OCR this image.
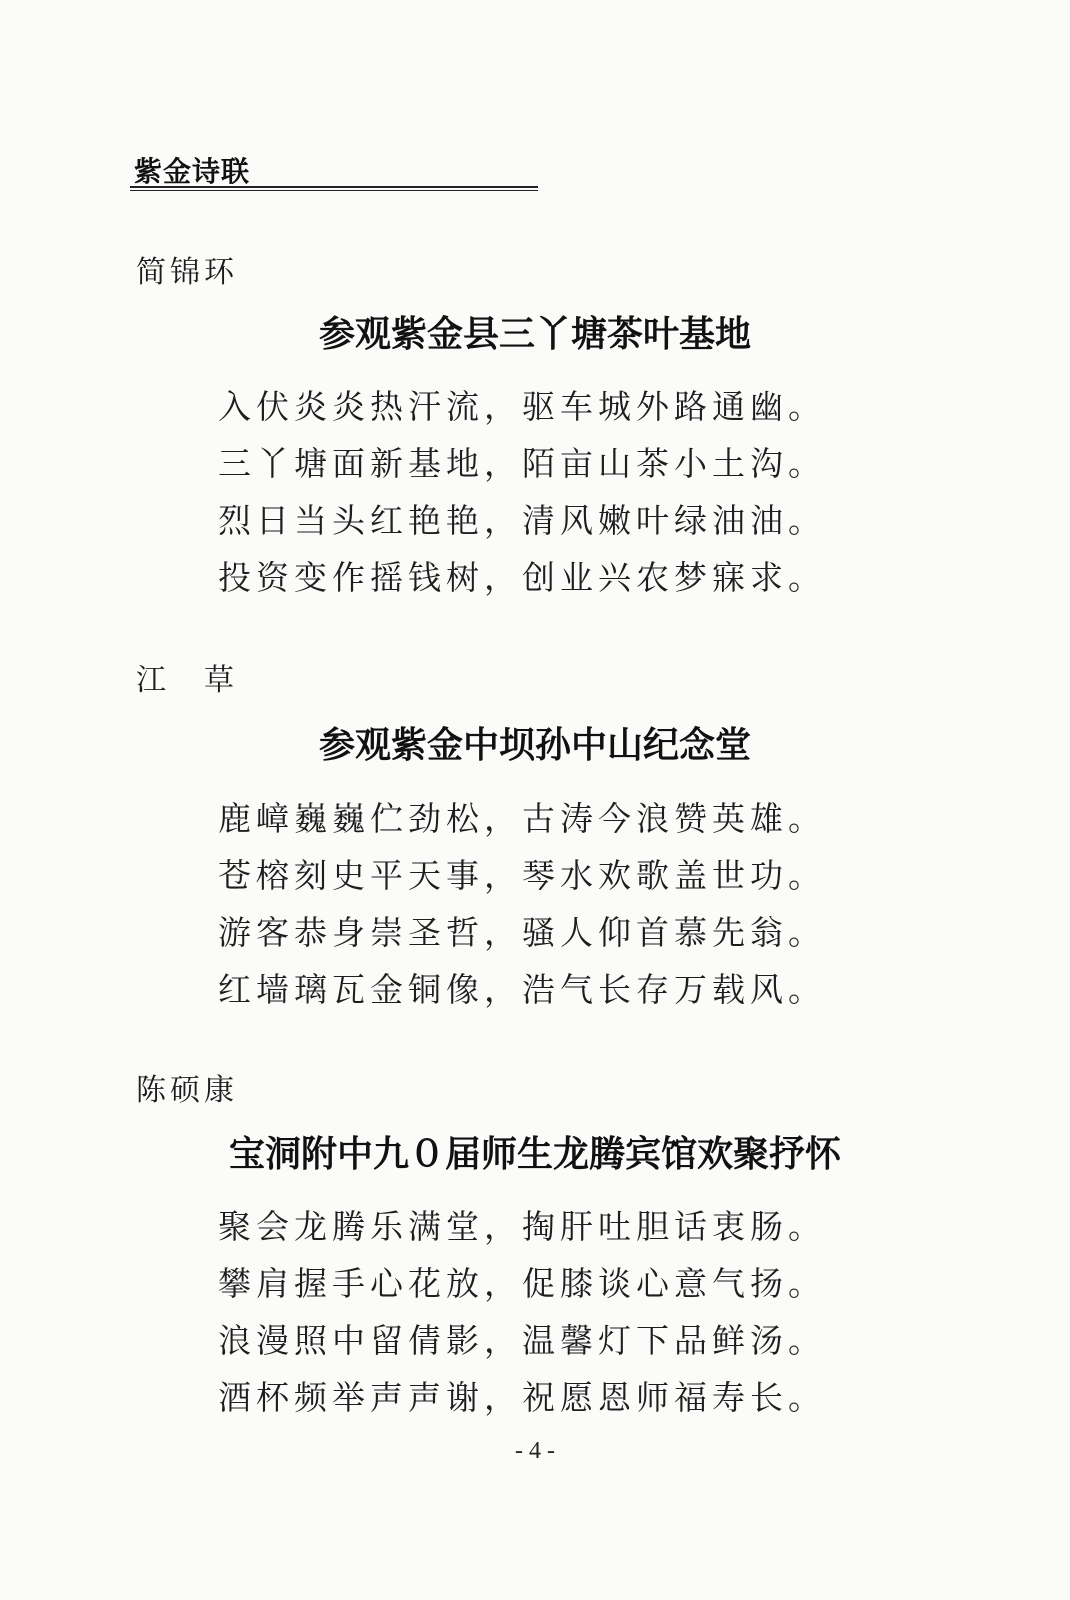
紫金诗联
简锦环
参观紫金县三丫塘茶叶基地
入伏炎炎热汗流，驱车城外路通幽。
三丫塘面新基地，陌亩山茶小土沟。
烈日当头红艳艳，清风嫩叶绿油油。
投资变作摇钱树，创业兴农梦寐求。
江　草
参观紫金中坝孙中山纪念堂
鹿嶂巍巍伫劲松，古涛今浪赞英雄。
苍榕刻史平天事，琴水欢歌盖世功。
游客恭身崇圣哲，骚人仰首慕先翁。
红墙璃瓦金铜像，浩气长存万载风。
陈硕康
宝洞附中九０届师生龙腾宾馆欢聚抒怀
聚会龙腾乐满堂，掏肝吐胆话衷肠。
攀肩握手心花放，促膝谈心意气扬。
浪漫照中留倩影，温馨灯下品鲜汤。
酒杯频举声声谢，祝愿恩师福寿长。
- 4 -
